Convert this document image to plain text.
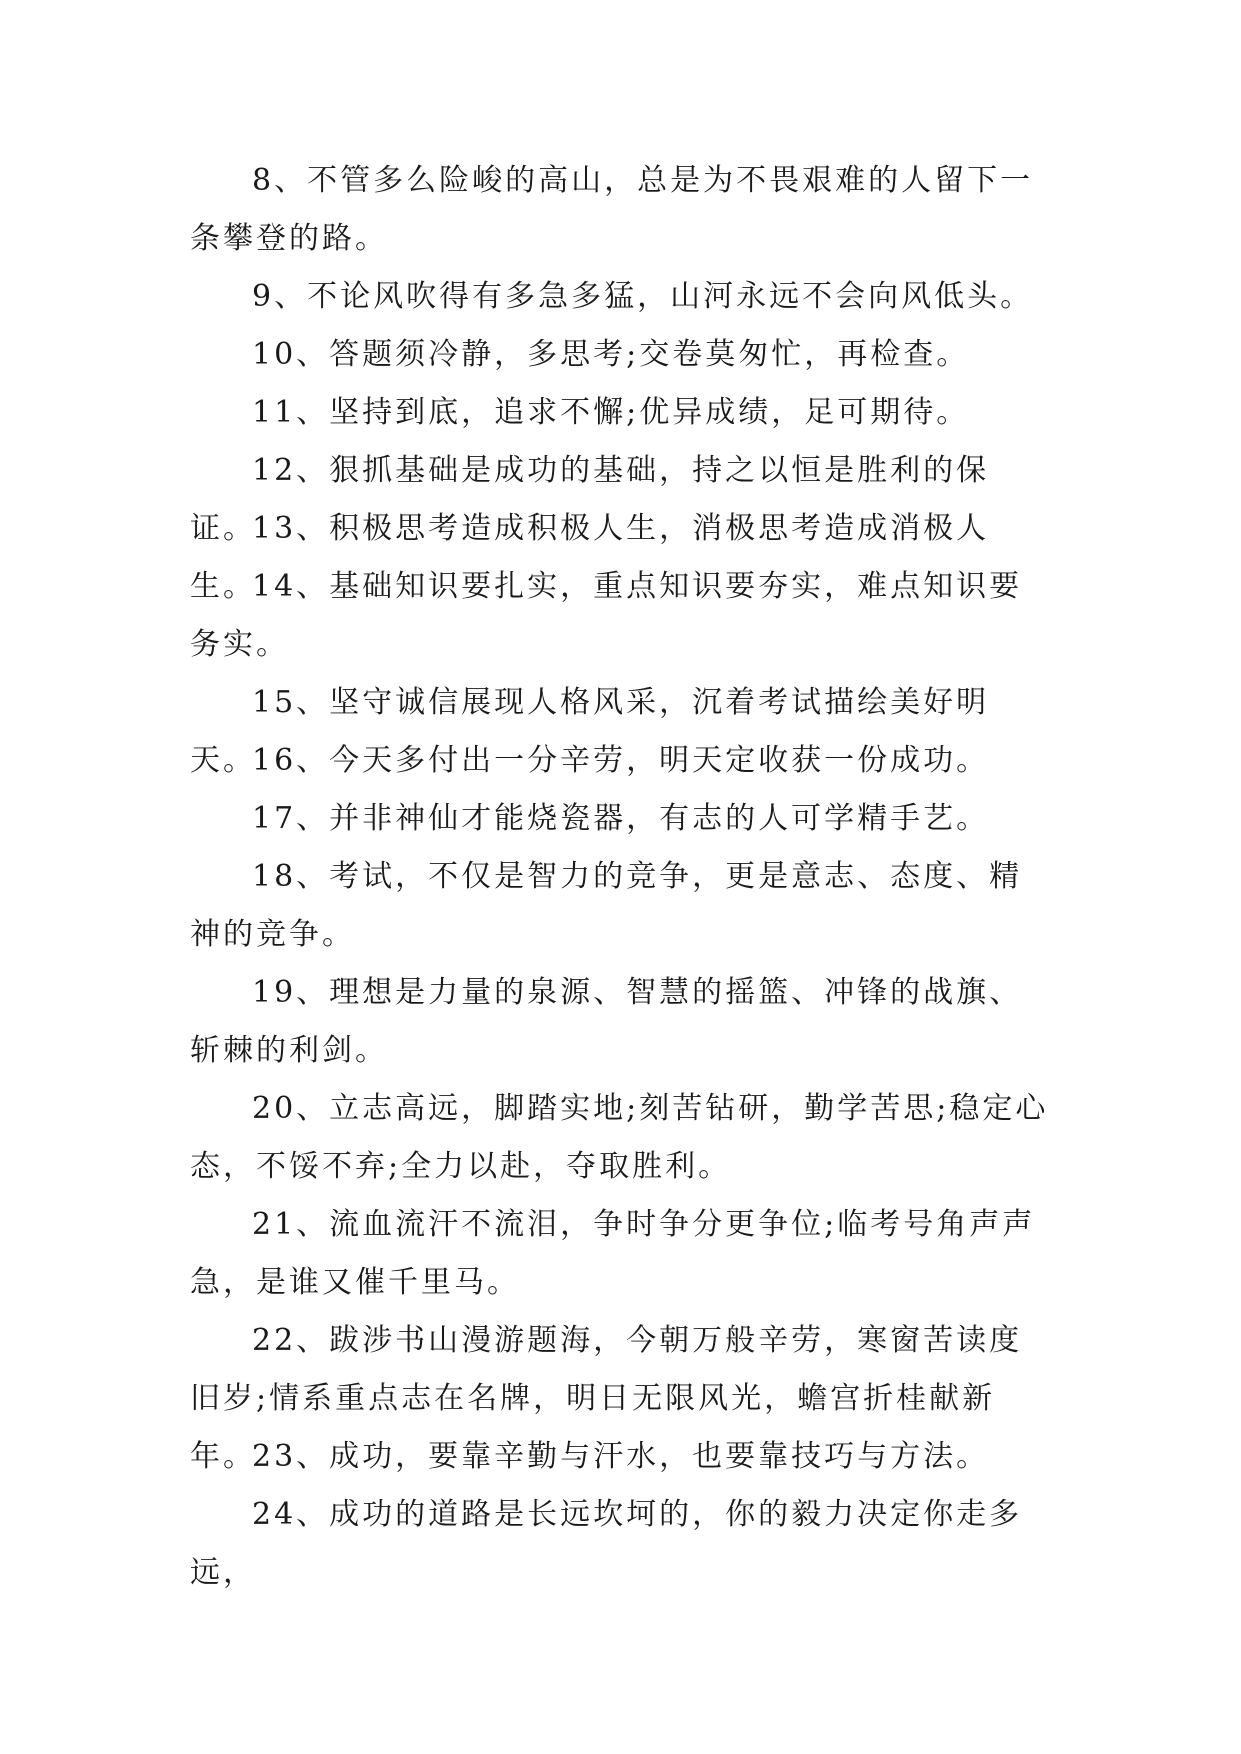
8、不管多么险峻的高山，总是为不畏艰难的人留下一条攀登的路。

9、不论风吹得有多急多猛，山河永远不会向风低头。

10、答题须冷静，多思考;交卷莫匆忙，再检查。

11、坚持到底，追求不懈;优异成绩，足可期待。

12、狠抓基础是成功的基础，持之以恒是胜利的保证。

13、积极思考造成积极人生，消极思考造成消极人生。

14、基础知识要扎实，重点知识要夯实，难点知识要务实。

15、坚守诚信展现人格风采，沉着考试描绘美好明天。

16、今天多付出一分辛劳，明天定收获一份成功。

17、并非神仙才能烧瓷器，有志的人可学精手艺。

18、考试，不仅是智力的竞争，更是意志、态度、精神的竞争。

19、理想是力量的泉源、智慧的摇篮、冲锋的战旗、斩棘的利剑。

20、立志高远，脚踏实地;刻苦钻研，勤学苦思;稳定心态，不馁不弃;全力以赴，夺取胜利。

21、流血流汗不流泪，争时争分更争位;临考号角声声急，是谁又催千里马。

22、跋涉书山漫游题海，今朝万般辛劳，寒窗苦读度旧岁;情系重点志在名牌，明日无限风光，蟾宫折桂献新年。

23、成功，要靠辛勤与汗水，也要靠技巧与方法。

24、成功的道路是长远坎坷的，你的毅力决定你走多远，
